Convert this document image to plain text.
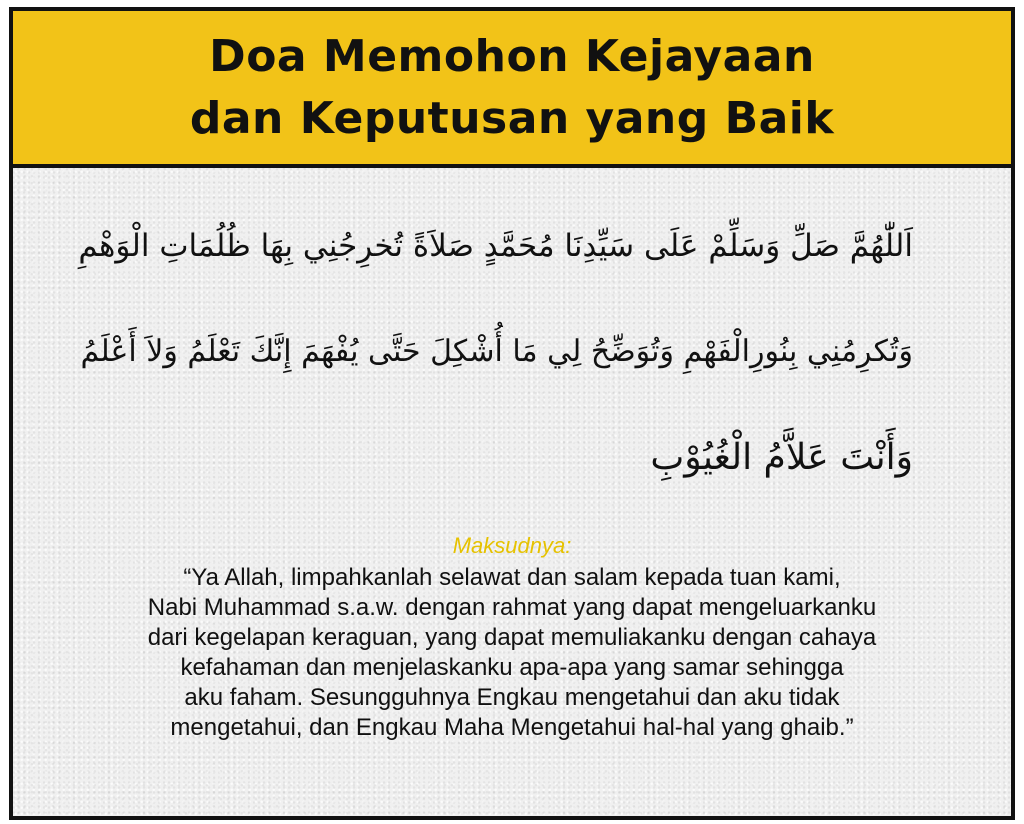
Doa Memohon Kejayaan
dan Keputusan yang Baik
اَللّٰهُمَّ صَلِّ وَسَلِّمْ عَلَى سَيِّدِنَا مُحَمَّدٍ صَلاَةً تُخرِجُنِي بِهَا ظُلُمَاتِ الْوَهْمِ
وَتُكرِمُنِي بِنُورِالْفَهْمِ وَتُوَضِّحُ لِي مَا أُشْكِلَ حَتَّى يُفْهَمَ إِنَّكَ تَعْلَمُ وَلاَ أَعْلَمُ
وَأَنْتَ عَلاَّمُ الْغُيُوْبِ
Maksudnya:
“Ya Allah, limpahkanlah selawat dan salam kepada tuan kami,
Nabi Muhammad s.a.w. dengan rahmat yang dapat mengeluarkanku
dari kegelapan keraguan, yang dapat memuliakanku dengan cahaya
kefahaman dan menjelaskanku apa-apa yang samar sehingga
aku faham. Sesungguhnya Engkau mengetahui dan aku tidak
mengetahui, dan Engkau Maha Mengetahui hal-hal yang ghaib.”
